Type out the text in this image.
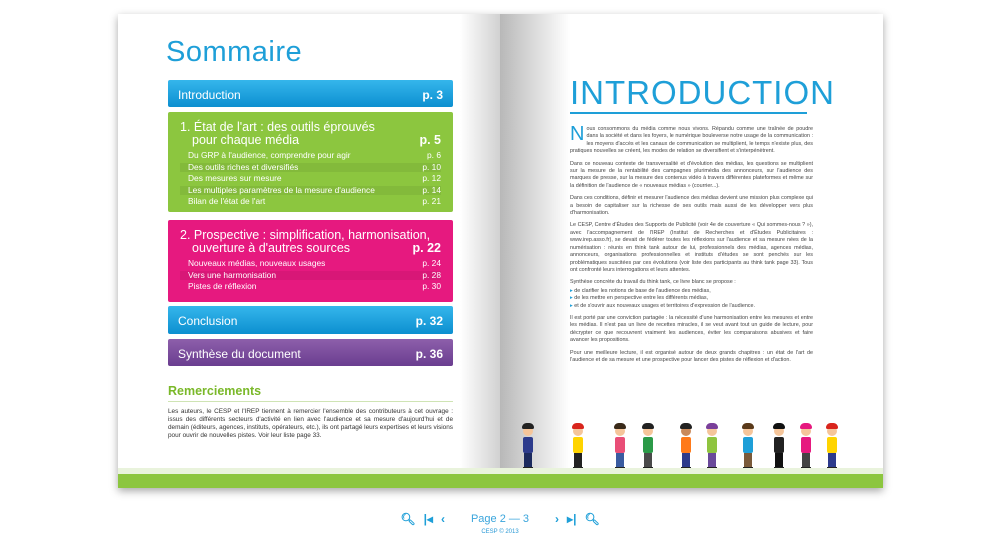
Sommaire
Introduction	p. 3
1. État de l'art : des outils éprouvés
pour chaque média	p. 5
Du GRP à l'audience, comprendre pour agir	p. 6
Des outils riches et diversifiés	p. 10
Des mesures sur mesure	p. 12
Les multiples paramètres de la mesure d'audience	p. 14
Bilan de l'état de l'art	p. 21
2. Prospective : simplification, harmonisation,
ouverture à d'autres sources	p. 22
Nouveaux médias, nouveaux usages	p. 24
Vers une harmonisation	p. 28
Pistes de réflexion	p. 30
Conclusion	p. 32
Synthèse du document	p. 36
Remerciements
Les auteurs, le CESP et l'IREP tiennent à remercier l'ensemble des contributeurs à cet ouvrage : issus des différents secteurs d'activité en lien avec l'audience et sa mesure d'aujourd'hui et de demain (éditeurs, agences, instituts, opérateurs, etc.), ils ont partagé leurs expertises et leurs visions pour ouvrir de nouvelles pistes. Voir leur liste page 33.
INTRODUCTION

Nous consommons du média comme nous vivons. Répandu comme une traînée de poudre dans la société et dans les foyers, le numérique bouleverse notre usage de la communication : les moyens d'accès et les canaux de communication se multiplient, le temps n'existe plus, des pratiques nouvelles se créent, les modes de relation se diversifient et s'interpénètrent.

Dans ce nouveau contexte de transversalité et d'évolution des médias, les questions se multiplient sur la mesure de la rentabilité des campagnes plurimédia des annonceurs, sur l'audience des marques de presse, sur la mesure des contenus vidéo à travers différentes plateformes et même sur la définition de l'audience de « nouveaux médias » (courrier...).

Dans ces conditions, définir et mesurer l'audience des médias devient une mission plus complexe qui a besoin de capitaliser sur la richesse de ses outils mais aussi de les développer vers plus d'harmonisation.

Le CESP, Centre d'Études des Supports de Publicité (voir 4e de couverture « Qui sommes-nous ? »), avec l'accompagnement de l'IREP (Institut de Recherches et d'Études Publicitaires : www.irep.asso.fr), se devait de fédérer toutes les réflexions sur l'audience et sa mesure nées de la numérisation : réunis en think tank autour de lui, professionnels des médias, agences médias, annonceurs, organisations professionnelles et instituts d'études se sont penchés sur les problématiques suscitées par ces évolutions (voir liste des participants au think tank page 33). Tous ont confronté leurs interrogations et leurs attentes.

Synthèse concrète du travail du think tank, ce livre blanc se propose :

▸ de clarifier les notions de base de l'audience des médias,
▸ de les mettre en perspective entre les différents médias,
▸ et de s'ouvrir aux nouveaux usages et territoires d'expression de l'audience.

Il est porté par une conviction partagée : la nécessité d'une harmonisation entre les mesures et entre les médias. Il n'est pas un livre de recettes miracles, il se veut avant tout un guide de lecture, pour décrypter ce que recouvrent vraiment les audiences, éviter les comparaisons abusives et faire avancer les propositions.

Pour une meilleure lecture, il est organisé autour de deux grands chapitres : un état de l'art de l'audience et de sa mesure et une prospective pour lancer des pistes de réflexion et d'action.

🔍︎ |◂ ‹ Page 2 — 3 › ▸| 🔍︎
CESP © 2013
